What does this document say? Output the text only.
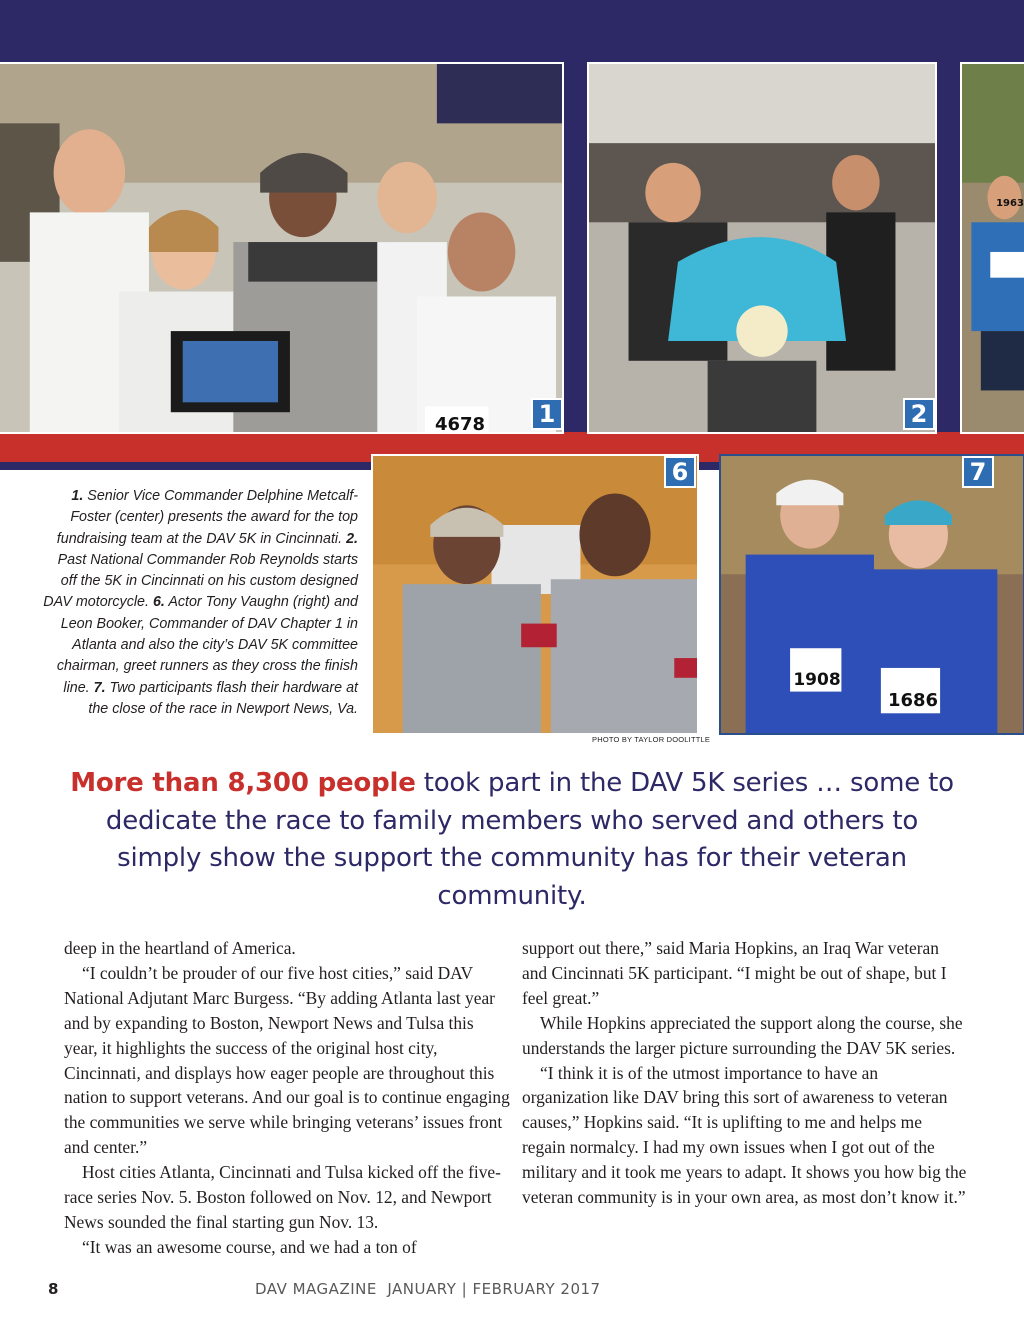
4678	1	2
1963
6
1908
1686
7
1. Senior Vice Commander Delphine Metcalf-Foster (center) presents the award for the top fundraising team at the DAV 5K in Cincinnati. 2. Past National Commander Rob Reynolds starts off the 5K in Cincinnati on his custom designed DAV motorcycle. 6. Actor Tony Vaughn (right) and Leon Booker, Commander of DAV Chapter 1 in Atlanta and also the city’s DAV 5K committee chairman, greet runners as they cross the finish line. 7. Two participants flash their hardware at the close of the race in Newport News, Va.
PHOTO BY TAYLOR DOOLITTLE
More than 8,300 people took part in the DAV 5K series … some to dedicate the race to family members who served and others to simply show the support the community has for their veteran community.

deep in the heartland of America.

“I couldn’t be prouder of our five host cities,” said DAV National Adjutant Marc Burgess. “By adding Atlanta last year and by expanding to Boston, Newport News and Tulsa this year, it highlights the success of the original host city, Cincinnati, and displays how eager people are throughout this nation to support veterans. And our goal is to continue engaging the communities we serve while bringing veterans’ issues front and center.”

Host cities Atlanta, Cincinnati and Tulsa kicked off the five-race series Nov. 5. Boston followed on Nov. 12, and Newport News sounded the final starting gun Nov. 13.

“It was an awesome course, and we had a ton of

support out there,” said Maria Hopkins, an Iraq War veteran and Cincinnati 5K participant. “I might be out of shape, but I feel great.”

While Hopkins appreciated the support along the course, she understands the larger picture surrounding the DAV 5K series.

“I think it is of the utmost importance to have an organization like DAV bring this sort of awareness to veteran causes,” Hopkins said. “It is uplifting to me and helps me regain normalcy. I had my own issues when I got out of the military and it took me years to adapt. It shows you how big the veteran community is in your own area, as most don’t know it.”

8	DAV MAGAZINE  JANUARY | FEBRUARY 2017
